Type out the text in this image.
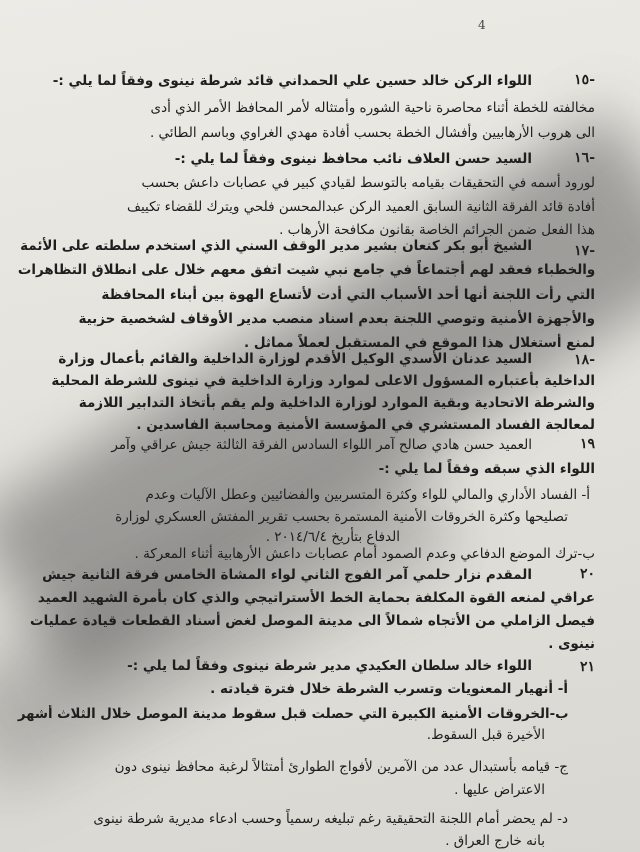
4
-١٥
اللواء الركن خالد حسين علي الحمداني قائد شرطة نينوى وفقاً لما يلي :-
مخالفته للخطة أثناء محاصرة ناحية الشوره وأمتثاله لأمر المحافظ الأمر الذي أدى
الى هروب الأرهابيين وأفشال الخطة بحسب أفادة مهدي الغراوي وباسم الطائي .
-١٦
السيد حسن العلاف نائب محافظ نينوى وفقاً لما يلي :-
لورود أسمه في التحقيقات بقيامه بالتوسط لقيادي كبير في عصابات داعش بحسب
أفادة قائد الفرقة الثانية السابق العميد الركن عبدالمحسن فلحي ويترك للقضاء تكييف
هذا الفعل ضمن الجرائم الخاصة بقانون مكافحة الأرهاب .
-١٧
الشيخ أبو بكر كنعان بشير مدير الوقف السني الذي استخدم سلطته على الأئمة
والخطباء فعقد لهم أجتماعاً في جامع نبي شيت اتفق معهم خلال على انطلاق التظاهرات
التي رأت اللجنة أنها أحد الأسباب التي أدت لأتساع الهوة بين أبناء المحافظة
والأجهزة الأمنية وتوصي اللجنة بعدم اسناد منصب مدير الأوقاف لشخصية حزبية
لمنع أستغلال هذا الموقع في المستقبل لعملاً مماثل .
-١٨
السيد عدنان الأسدي الوكيل الأقدم لوزارة الداخلية والقائم بأعمال وزارة
الداخلية بأعتباره المسؤول الاعلى لموارد وزارة الداخلية في نينوى للشرطة المحلية
والشرطة الاتحادية وبقية الموارد لوزارة الداخلية ولم يقم بأتخاذ التدابير اللازمة
لمعالجة الفساد المستشري في المؤسسة الأمنية ومحاسبة الفاسدين .
١٩
العميد حسن هادي صالح آمر اللواء السادس الفرقة الثالثة جيش عراقي وآمر
اللواء الذي سبقه وفقاً لما يلي :-
أ- الفساد الأداري والمالي للواء وكثرة المتسربين والفضائيين وعطل الآليات وعدم
تصليحها وكثرة الخروقات الأمنية المستمرة بحسب تقرير المفتش العسكري لوزارة
الدفاع بتأريخ ٢٠١٤/٦/٤ .
ب-ترك الموضع الدفاعي وعدم الصمود أمام عصابات داعش الأرهابية أثناء المعركة .
٢٠
المقدم نزار حلمي آمر الفوج الثاني لواء المشاة الخامس فرقة الثانية جيش
عراقي لمنعه القوة المكلفة بحماية الخط الأستراتيجي والذي كان بأمرة الشهيد العميد
فيصل الزاملي من الأتجاه شمالاً الى مدينة الموصل لغض أسناد القطعات قيادة عمليات
نينوى .
٢١
اللواء خالد سلطان العكيدي مدير شرطة نينوى وفقاً لما يلي :-
أ- أنهيار المعنويات وتسرب الشرطة خلال فترة قيادته .
ب-الخروقات الأمنية الكبيرة التي حصلت قبل سقوط مدينة الموصل خلال الثلاث أشهر
الأخيرة قبل السقوط.
ج- قيامه بأستبدال عدد من الآمرين لأفواج الطوارئ أمتثالاً لرغبة محافظ نينوى دون
الاعتراض عليها .
د- لم يحضر أمام اللجنة التحقيقية رغم تبليغه رسمياً وحسب ادعاء مديرية شرطة نينوى
بانه خارج العراق .
